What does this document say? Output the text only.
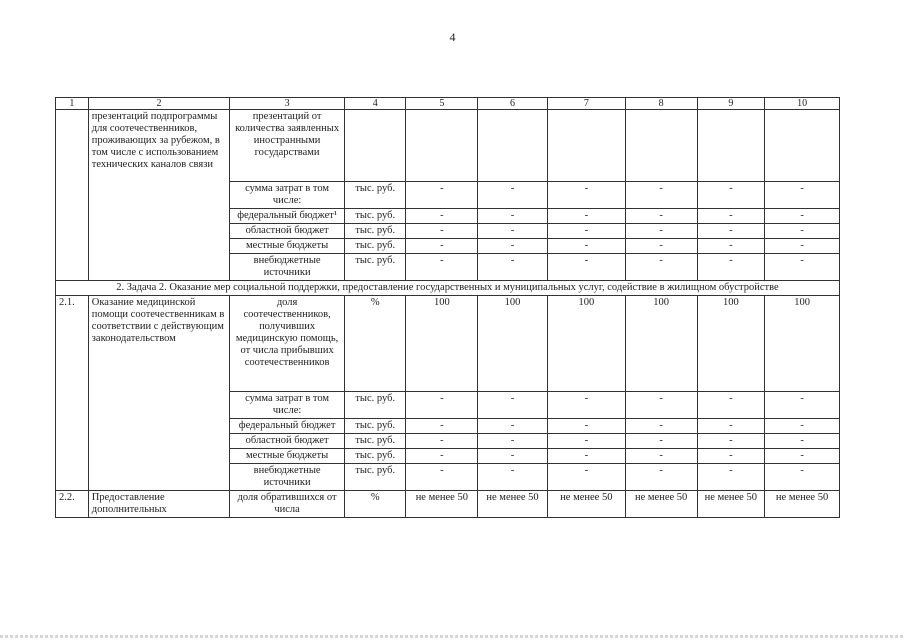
4
1	2	3	4	5	6	7	8	9	10
	презентаций подпрограммы для соотечественников, проживающих за рубежом, в том числе с использованием технических каналов связи	презентаций от количества заявленных иностранными государствами							
		сумма затрат в том числе:	тыс. руб.	-	-	-	-	-	-
		федеральный бюджет¹	тыс. руб.	-	-	-	-	-	-
		областной бюджет	тыс. руб.	-	-	-	-	-	-
		местные бюджеты	тыс. руб.	-	-	-	-	-	-
		внебюджетные источники	тыс. руб.	-	-	-	-	-	-
2. Задача 2. Оказание мер социальной поддержки, предоставление государственных и муниципальных услуг, содействие в жилищном обустройстве									
2.1.	Оказание медицинской помощи соотечественникам в соответствии с действующим законодательством	доля соотечественников, получивших медицинскую помощь, от числа прибывших соотечественников	%	100	100	100	100	100	100
		сумма затрат в том числе:	тыс. руб.	-	-	-	-	-	-
		федеральный бюджет	тыс. руб.	-	-	-	-	-	-
		областной бюджет	тыс. руб.	-	-	-	-	-	-
		местные бюджеты	тыс. руб.	-	-	-	-	-	-
		внебюджетные источники	тыс. руб.	-	-	-	-	-	-
2.2.	Предоставление дополнительных	доля обратившихся от числа	%	не менее 50	не менее 50	не менее 50	не менее 50	не менее 50	не менее 50
